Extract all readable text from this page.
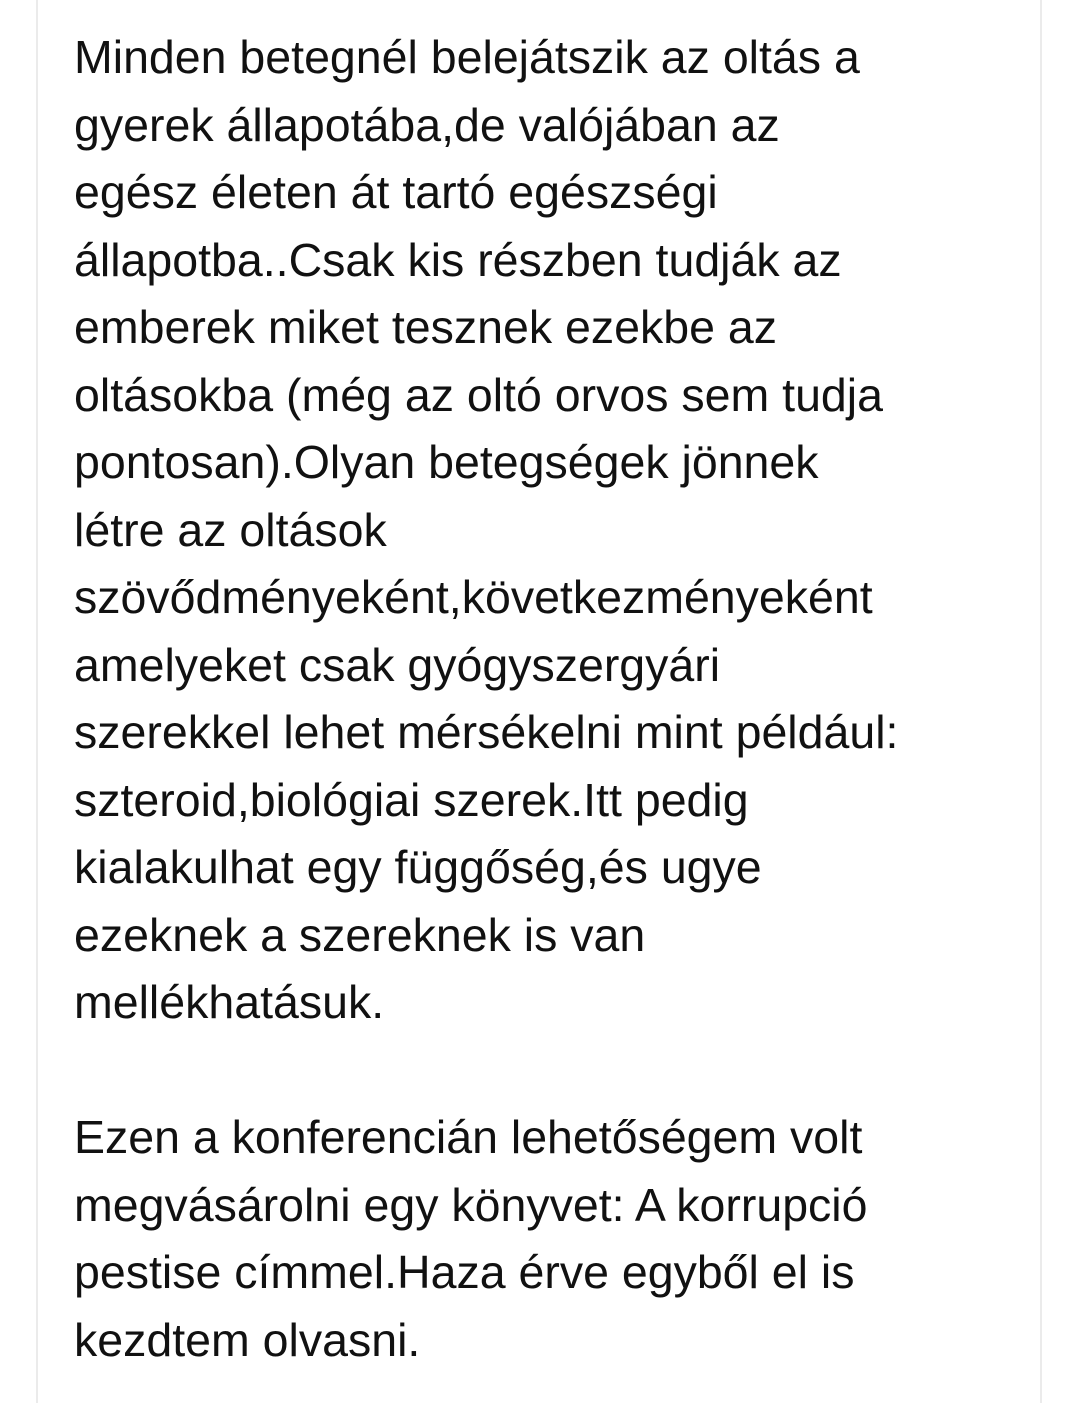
Minden betegnél belejátszik az oltás a
gyerek állapotába,de valójában az
egész életen át tartó egészségi
állapotba..Csak kis részben tudják az
emberek miket tesznek ezekbe az
oltásokba (még az oltó orvos sem tudja
pontosan).Olyan betegségek jönnek
létre az oltások
szövődményeként,következményeként
amelyeket csak gyógyszergyári
szerekkel lehet mérsékelni mint például:
szteroid,biológiai szerek.Itt pedig
kialakulhat egy függőség,és ugye
ezeknek a szereknek is van
mellékhatásuk.
Ezen a konferencián lehetőségem volt
megvásárolni egy könyvet: A korrupció
pestise címmel.Haza érve egyből el is
kezdtem olvasni.
